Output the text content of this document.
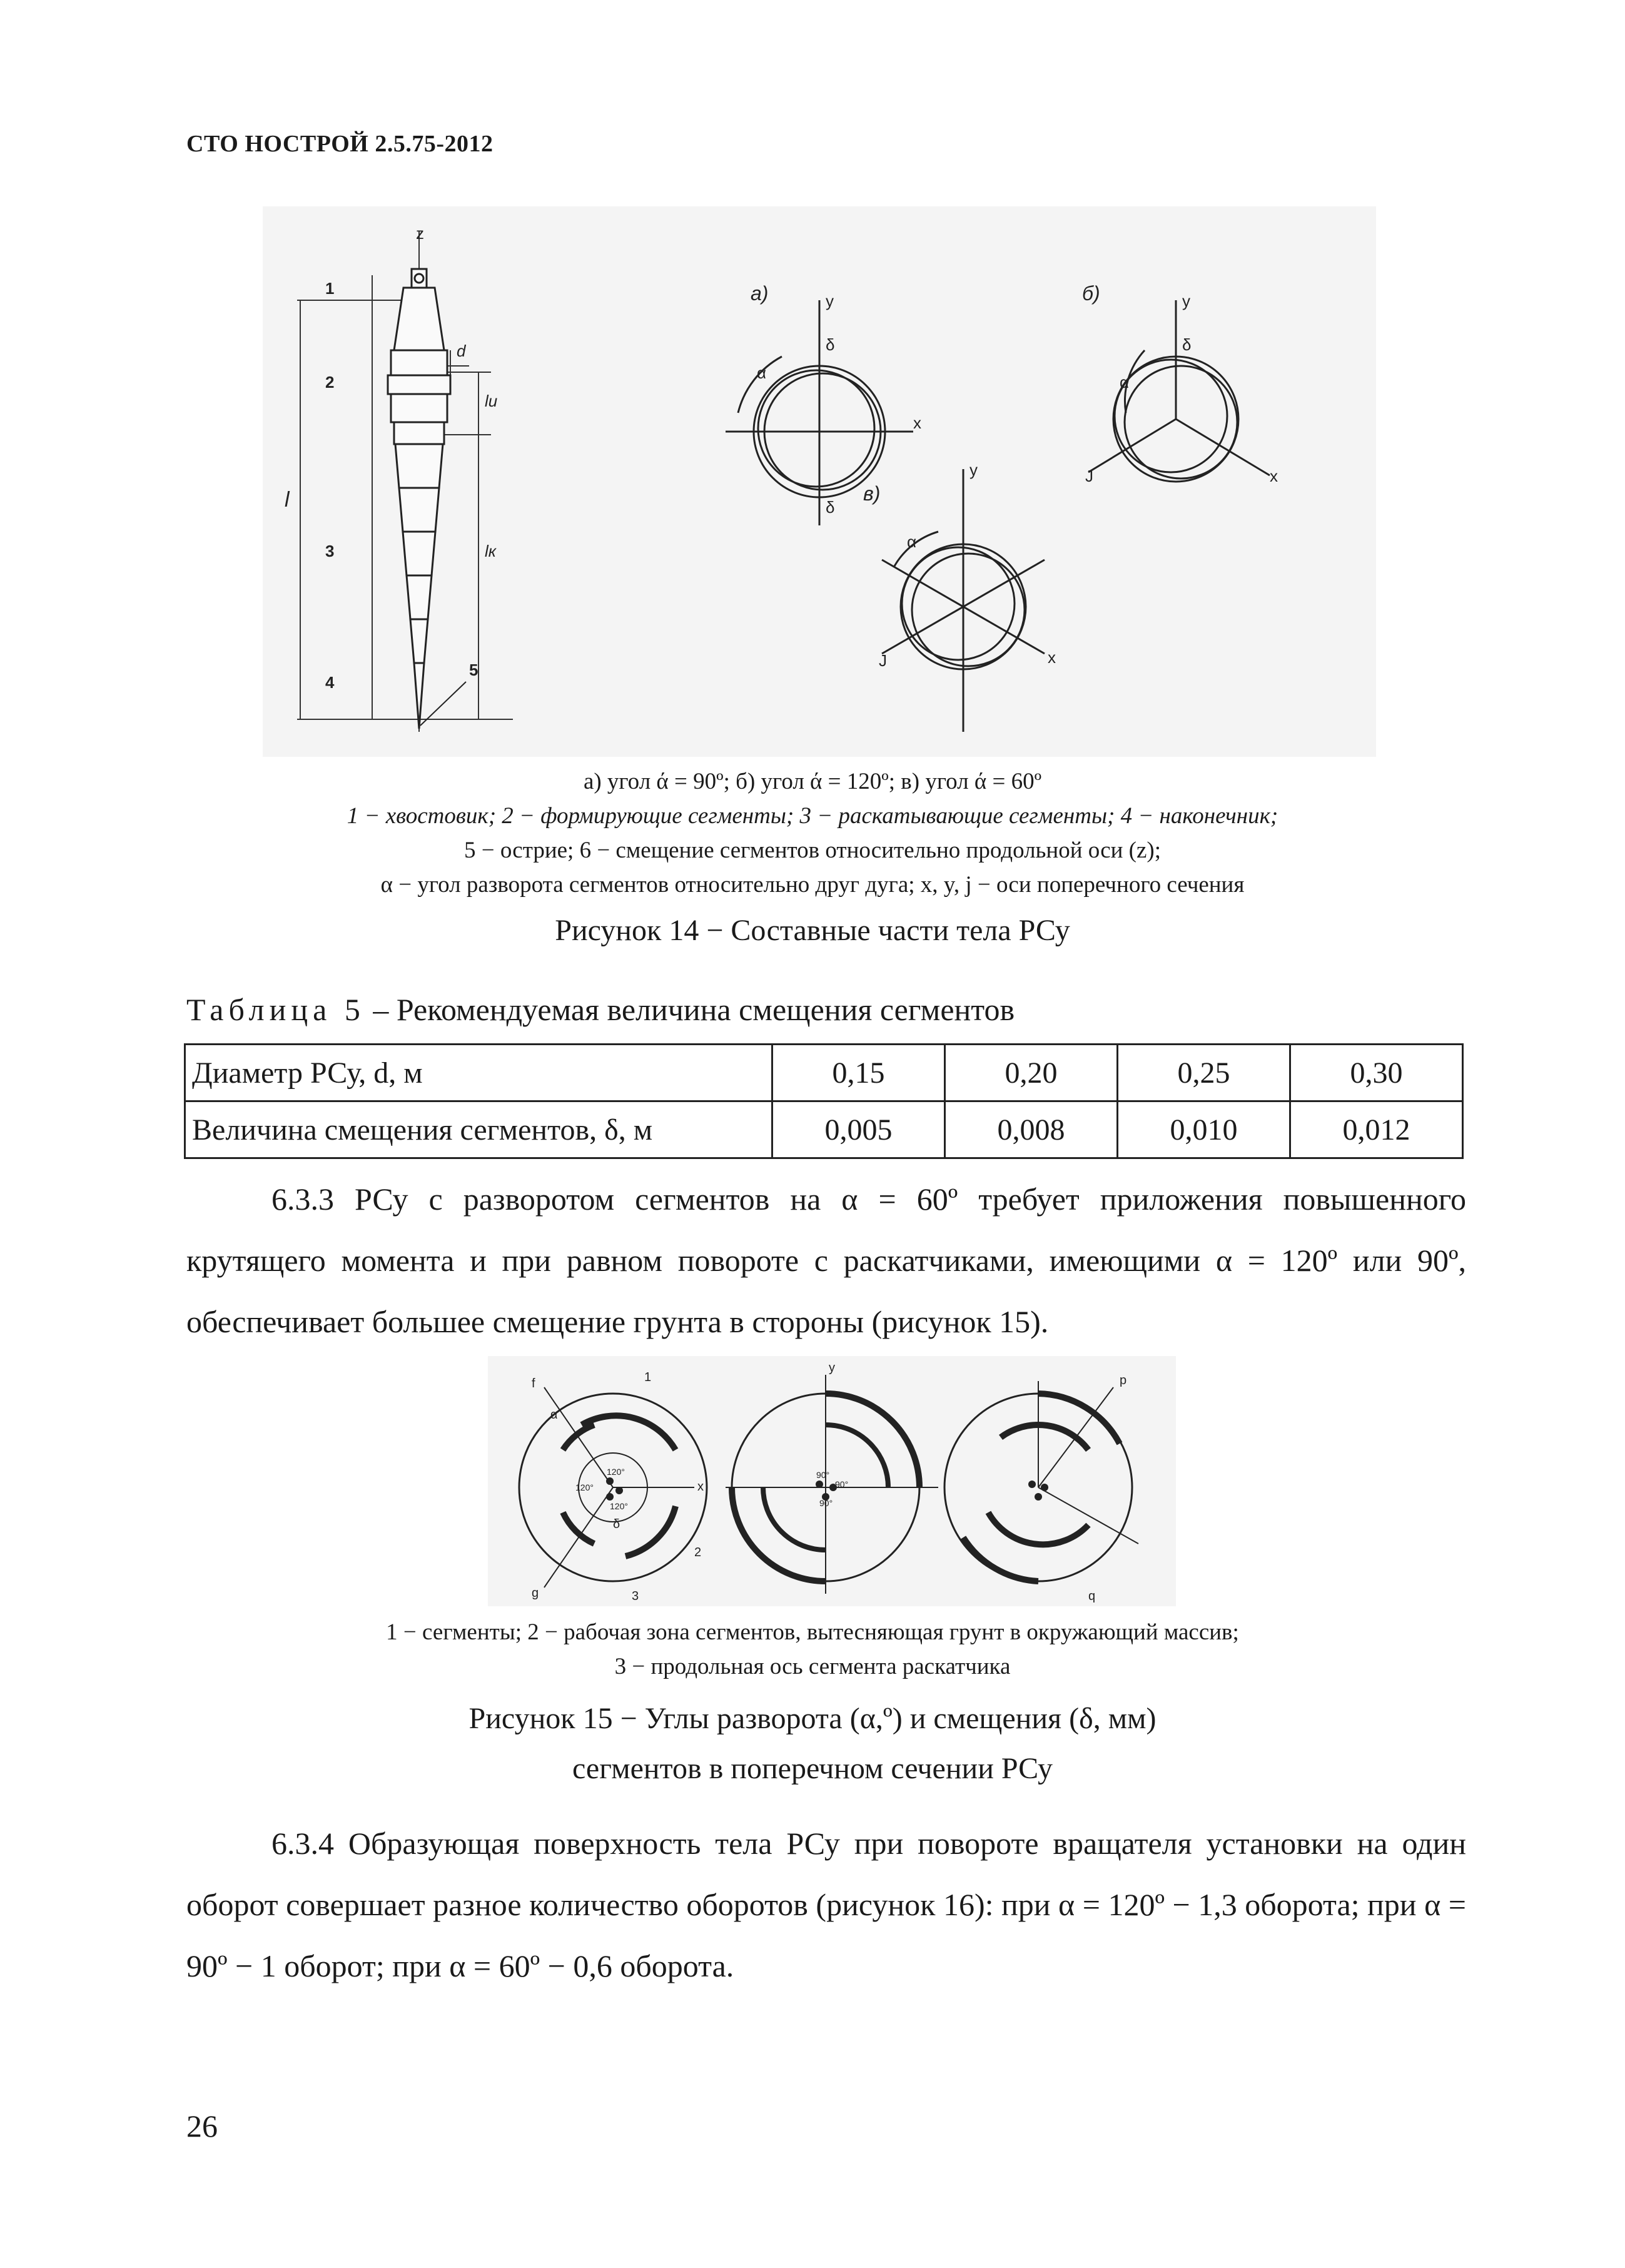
СТО НОСТРОЙ 2.5.75-2012
z
1
2
3
4
5
d
l
lи
lк
а)	б)
в)
y
x
α
y
x
J
α
y
x
J
α
δ
δ
δ
а) угол ά = 90º; б) угол ά = 120º; в) угол ά = 60º
1 − хвостовик; 2 − формирующие сегменты; 3 − раскатывающие сегменты; 4 − наконечник;
5 − острие; 6 − смещение сегментов относительно продольной оси (z);
α − угол разворота сегментов относительно друг дуга; x, y, j − оси поперечного сечения
Рисунок 14 − Составные части тела РСу
Таблица 5 – Рекомендуемая величина смещения сегментов
Диаметр РСу, d, м	0,15	0,20	0,25	0,30
Величина смещения сегментов, δ, м	0,005	0,008	0,010	0,012
6.3.3 РСу с разворотом сегментов на α = 60º требует приложения повышенного крутящего момента и при равном повороте с раскатчиками, имеющими α = 120º или 90º, обеспечивает большее смещение грунта в стороны (рисунок 15).
f	1
α
120°
120°
120°
x
δ
2
g	3
y
90°
90°
90°
q
p
1 − сегменты; 2 − рабочая зона сегментов, вытесняющая грунт в окружающий массив;
3 − продольная ось сегмента раскатчика
Рисунок 15 − Углы разворота (α,º) и смещения (δ, мм)
сегментов в поперечном сечении РСу
6.3.4 Образующая поверхность тела РСу при повороте вращателя установки на один оборот совершает разное количество оборотов (рисунок 16): при α = 120º − 1,3 оборота; при α = 90º − 1 оборот; при α = 60º − 0,6 оборота.
26
